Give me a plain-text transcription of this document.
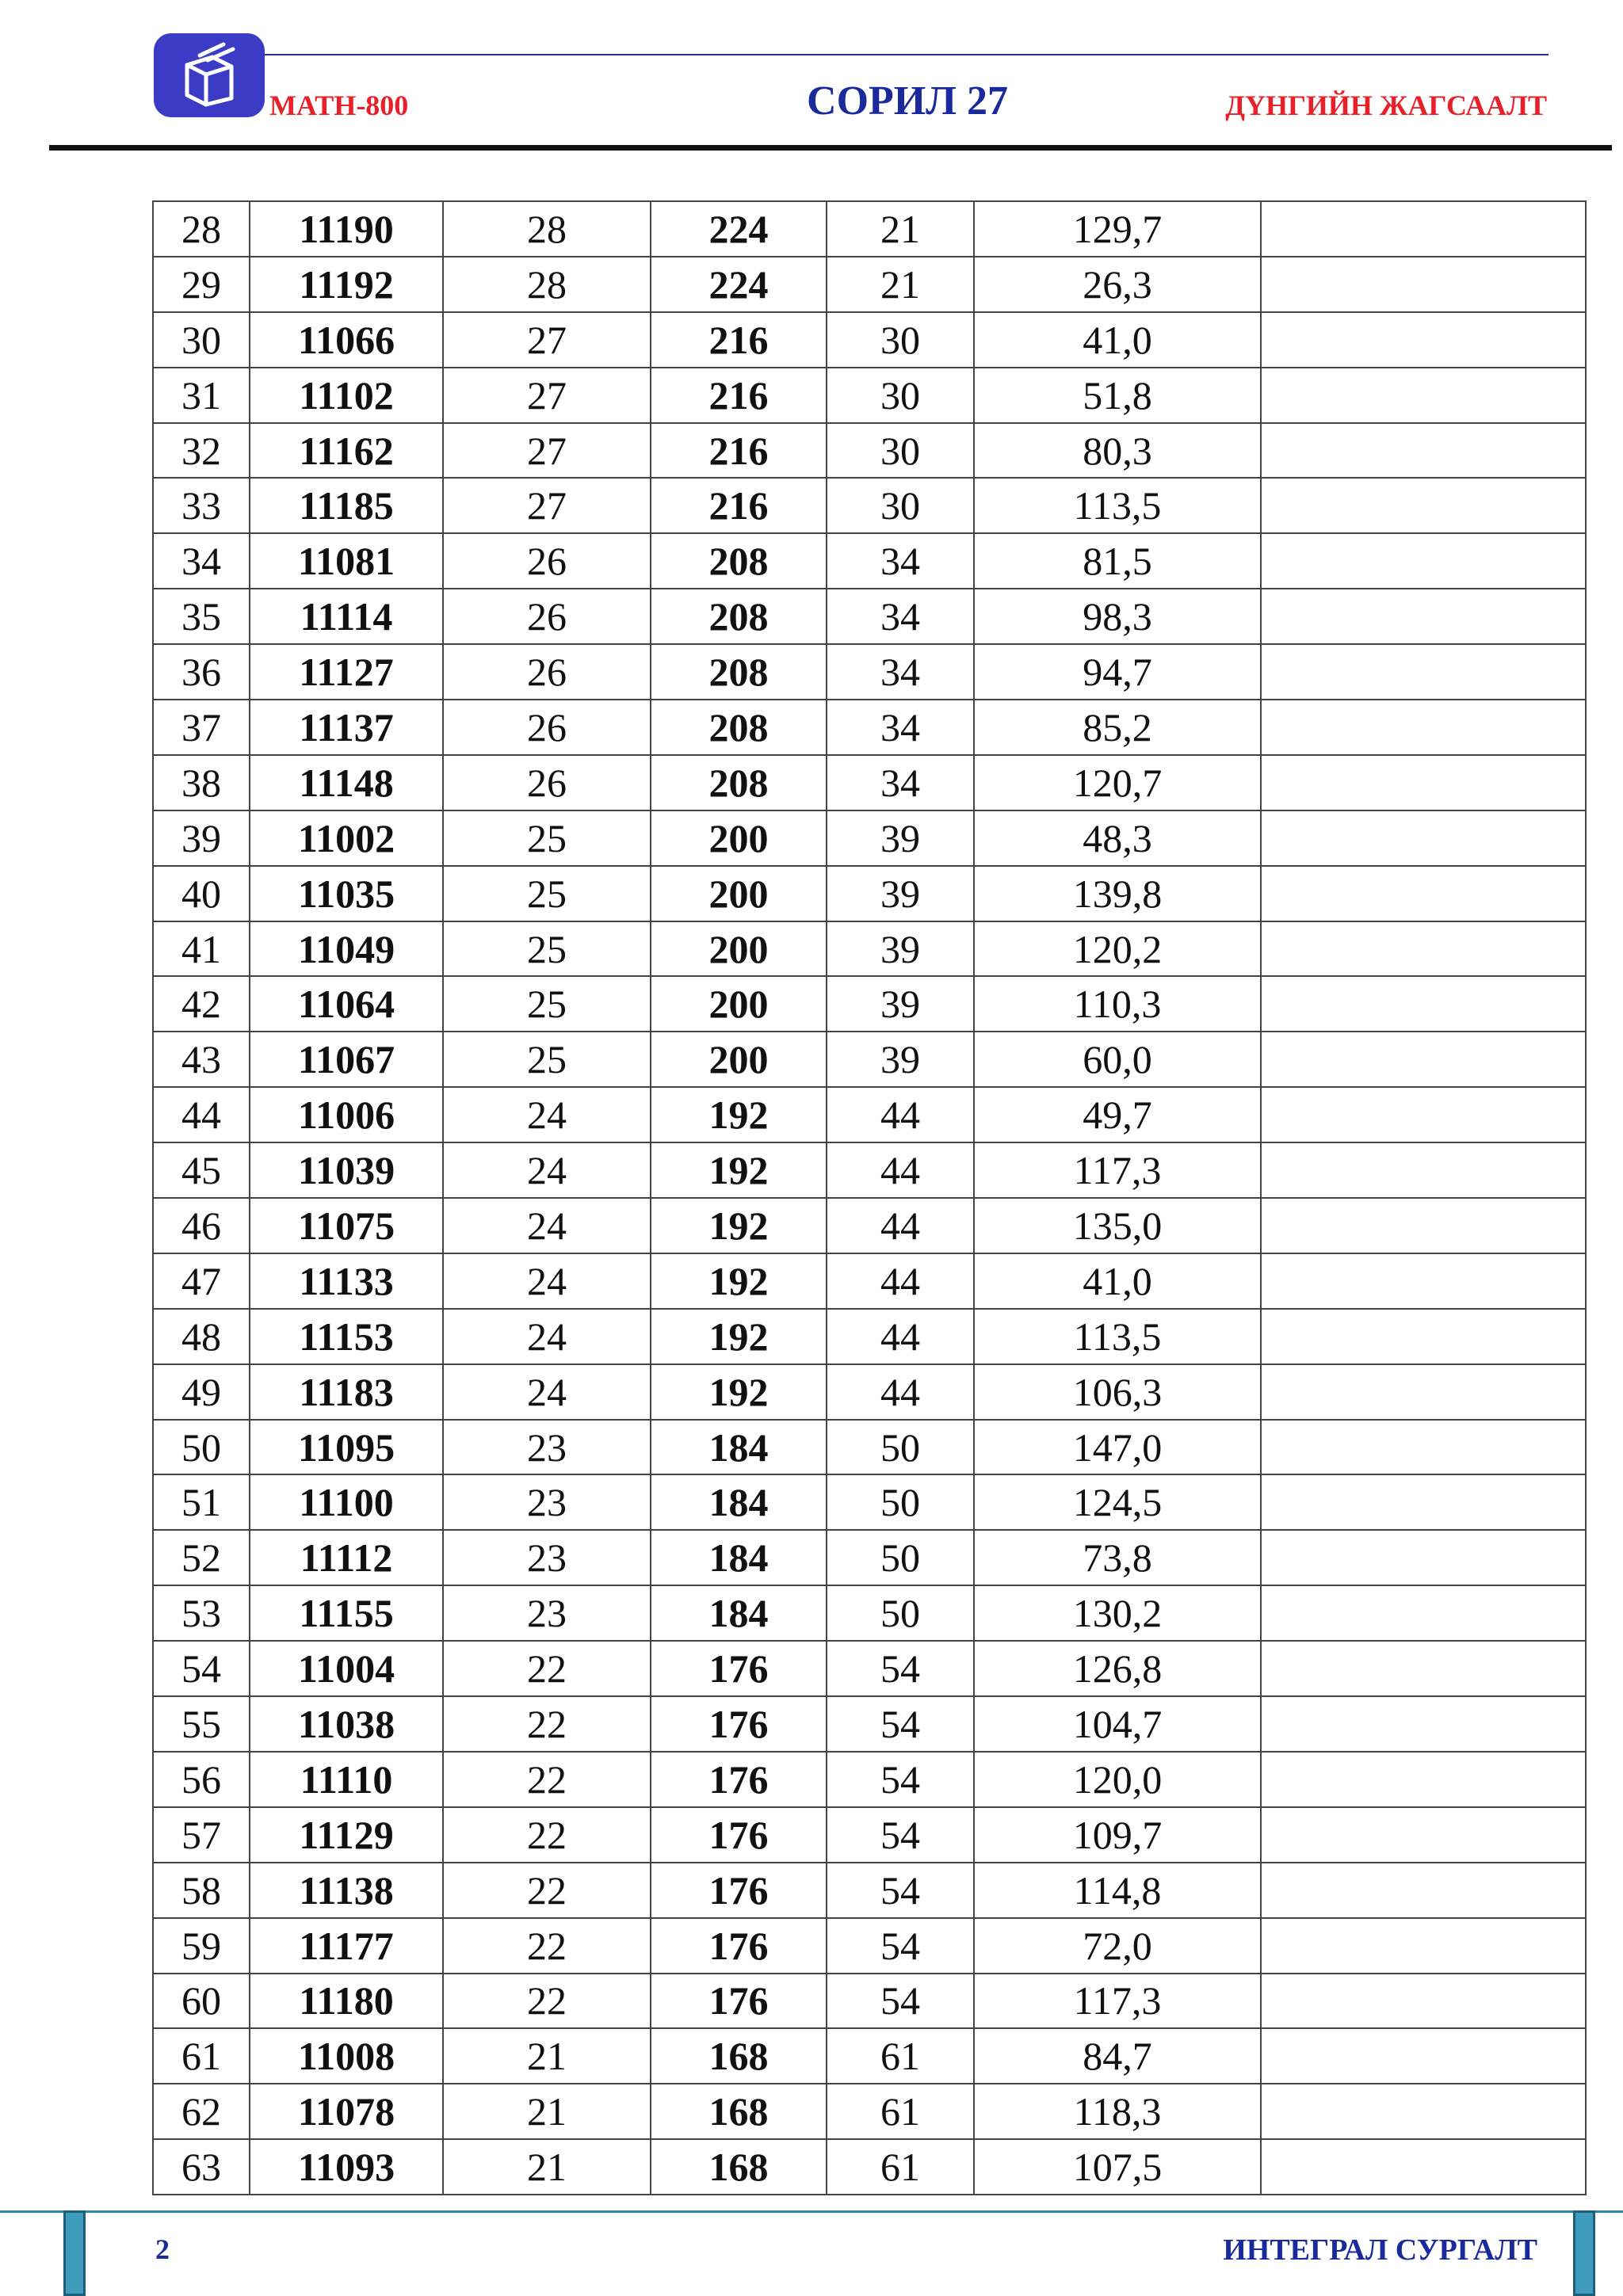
MATH-800	СОРИЛ 27	ДҮНГИЙН ЖАГСААЛТ
28	11190	28	224	21	129,7	
29	11192	28	224	21	26,3	
30	11066	27	216	30	41,0	
31	11102	27	216	30	51,8	
32	11162	27	216	30	80,3	
33	11185	27	216	30	113,5	
34	11081	26	208	34	81,5	
35	11114	26	208	34	98,3	
36	11127	26	208	34	94,7	
37	11137	26	208	34	85,2	
38	11148	26	208	34	120,7	
39	11002	25	200	39	48,3	
40	11035	25	200	39	139,8	
41	11049	25	200	39	120,2	
42	11064	25	200	39	110,3	
43	11067	25	200	39	60,0	
44	11006	24	192	44	49,7	
45	11039	24	192	44	117,3	
46	11075	24	192	44	135,0	
47	11133	24	192	44	41,0	
48	11153	24	192	44	113,5	
49	11183	24	192	44	106,3	
50	11095	23	184	50	147,0	
51	11100	23	184	50	124,5	
52	11112	23	184	50	73,8	
53	11155	23	184	50	130,2	
54	11004	22	176	54	126,8	
55	11038	22	176	54	104,7	
56	11110	22	176	54	120,0	
57	11129	22	176	54	109,7	
58	11138	22	176	54	114,8	
59	11177	22	176	54	72,0	
60	11180	22	176	54	117,3	
61	11008	21	168	61	84,7	
62	11078	21	168	61	118,3	
63	11093	21	168	61	107,5	
2	ИНТЕГРАЛ СУРГАЛТ
